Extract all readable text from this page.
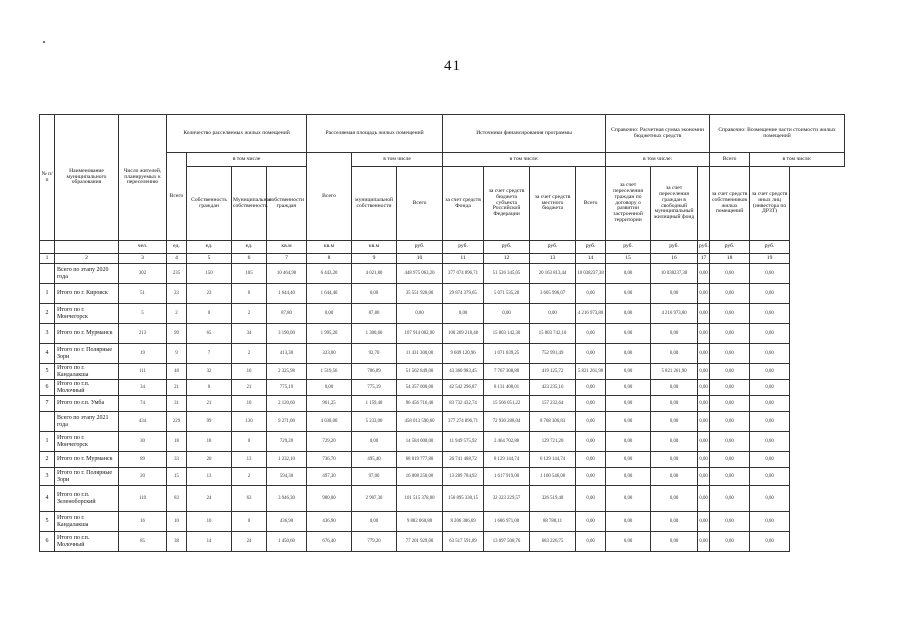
41
№ п/п	Наименование муниципального образования	Число жителей, планируемых к переселению	Количество расселяемых жилых помещений				Расселяемая площадь жилых помещений			Источники финансирования программы				Справочно: Расчетная сумма экономии бюджетных средств			Справочно: Возмещение части стоимости жилых помещений	
			Всего	в том числе			Всего	в том числе		в том числе:				в том числе:			Всего	в том числе:
				Собственность граждан	Муниципальная собственность	собственности граждан		муниципальной собственности	Всего	за счет средств Фонда	за счет средств бюджета субъекта Российской Федерации	за счет средств местного бюджета	Всего	за счет переселения граждан по договору о развитии застроенной территории	за счет переселения граждан в свободный муниципальный жилищный фонд		за счет средств собственников жилых помещений	за счет средств иных лиц (инвестора по ДРЗТ)
		чел.	ед.	ед.	ед.	кв.м	кв.м	кв.м	руб.	руб.	руб.	руб.	руб.	руб.	руб.	руб.	руб.	руб.
1	2	3	4	5	6	7	8	9	10	11	12	13	14	15	16	17	18	19
	Всего по этапу 2020 года	302	235	150	105	10 464,90	6 443,20	4 021,80	448 975 063,20	377 074 896,71	51 526 345,05	20 163 813,44	10 038237,38	0,00	10 038237,38	0,00	0,00	0,00
1	Итого по г. Кировск	51	23	23	0	1 644,40	1 644,40	0,00	35 551 928,00	29 874 379,65	5 071 535,28	3 605 996,07	0,00	0,00	0,00	0,00	0,00	0,00
2	Итого по г. Мончегорск	5	2	0	2	87,80	0,00	87,80	0,00	0,00	0,00	0,00	4 216 973,80	0,00	4 216 973,80	0,00	0,00	0,00
3	Итого по г. Мурманск	213	99	65	34	3 190,00	1 995,20	1 300,60	107 914 002,90	100 269 218,48	15 803 142,30	15 803 742,10	0,00	0,00	0,00	0,00	0,00	0,00
4	Итого по г. Полярные Зори	19	9	7	2	413,30	323,00	92,70	11 431 300,00	9 609 120,96	1 071 839,25	752 991,49	0,00	0,00	0,00	0,00	0,00	0,00
5	Итого по г. Кандалакша	111	48	32	16	2 325,98	1 519,56	786,09	51 562 849,00	43 360 983,45	7 767 308,80	419 125,72	5 821 261,90	0,00	5 821 261,90	0,00	0,00	0,00
6	Итого по г.п. Молочный	34	21	0	21	775,19	0,00	775,19	54 357 000,00	42 542 296,87	8 131 408,01	423 235,16	0,00	0,00	0,00	0,00	0,00	0,00
7	Итого по г.п. Умба	74	31	21	10	2 120,60	961,25	1 159,48	96 456 716,40	83 732 432,74	15 566 051,22	157 232,64	0,00	0,00	0,00	0,00	0,00	0,00
	Всего по этапу 2021 года	434	229	99	130	9 271,00	4 038,00	5 233,00	458 013 590,60	377 274 896,71	72 930 288,04	8 708 306,83	0,00	0,00	0,00	0,00	0,00	0,00
1	Итого по г. Мончегорск	30	18	18	0	729,20	729,20	0,00	14 584 000,00	11 949 575,92	2 464 702,88	129 721,20	0,00	0,00	0,00	0,00	0,00	0,00
2	Итого по г. Мурманск	89	33	20	13	1 232,10	736,70	495,40	68 019 777,80	26 741 488,72	8 129 144,74	6 129 144,74	0,00	0,00	0,00	0,00	0,00	0,00
3	Итого по г. Полярные Зори	20	15	13	2	594,30	497,30	97,00	16 008 250,00	13 289 784,92	1 617 919,00	1 100 546,08	0,00	0,00	0,00	0,00	0,00	0,00
4	Итого по г.п. Зеленоборский	110	83	24	63	3 946,30	980,00	2 907,30	101 515 378,00	150 895 330,15	32 323 229,57	326 519,48	0,00	0,00	0,00	0,00	0,00	0,00
5	Итого по г. Кандалакша	16	10	10	0	436,90	436,90	0,00	9 882 060,80	8 206 306,69	1 686 971,00	88 788,11	0,00	0,00	0,00	0,00	0,00	0,00
6	Итого по г.п. Молочный	85	38	14	24	1 450,60	676,40	779,20	77 201 929,00	63 517 591,89	13 097 508,76	683 226,75	0,00	0,00	0,00	0,00	0,00	0,00
